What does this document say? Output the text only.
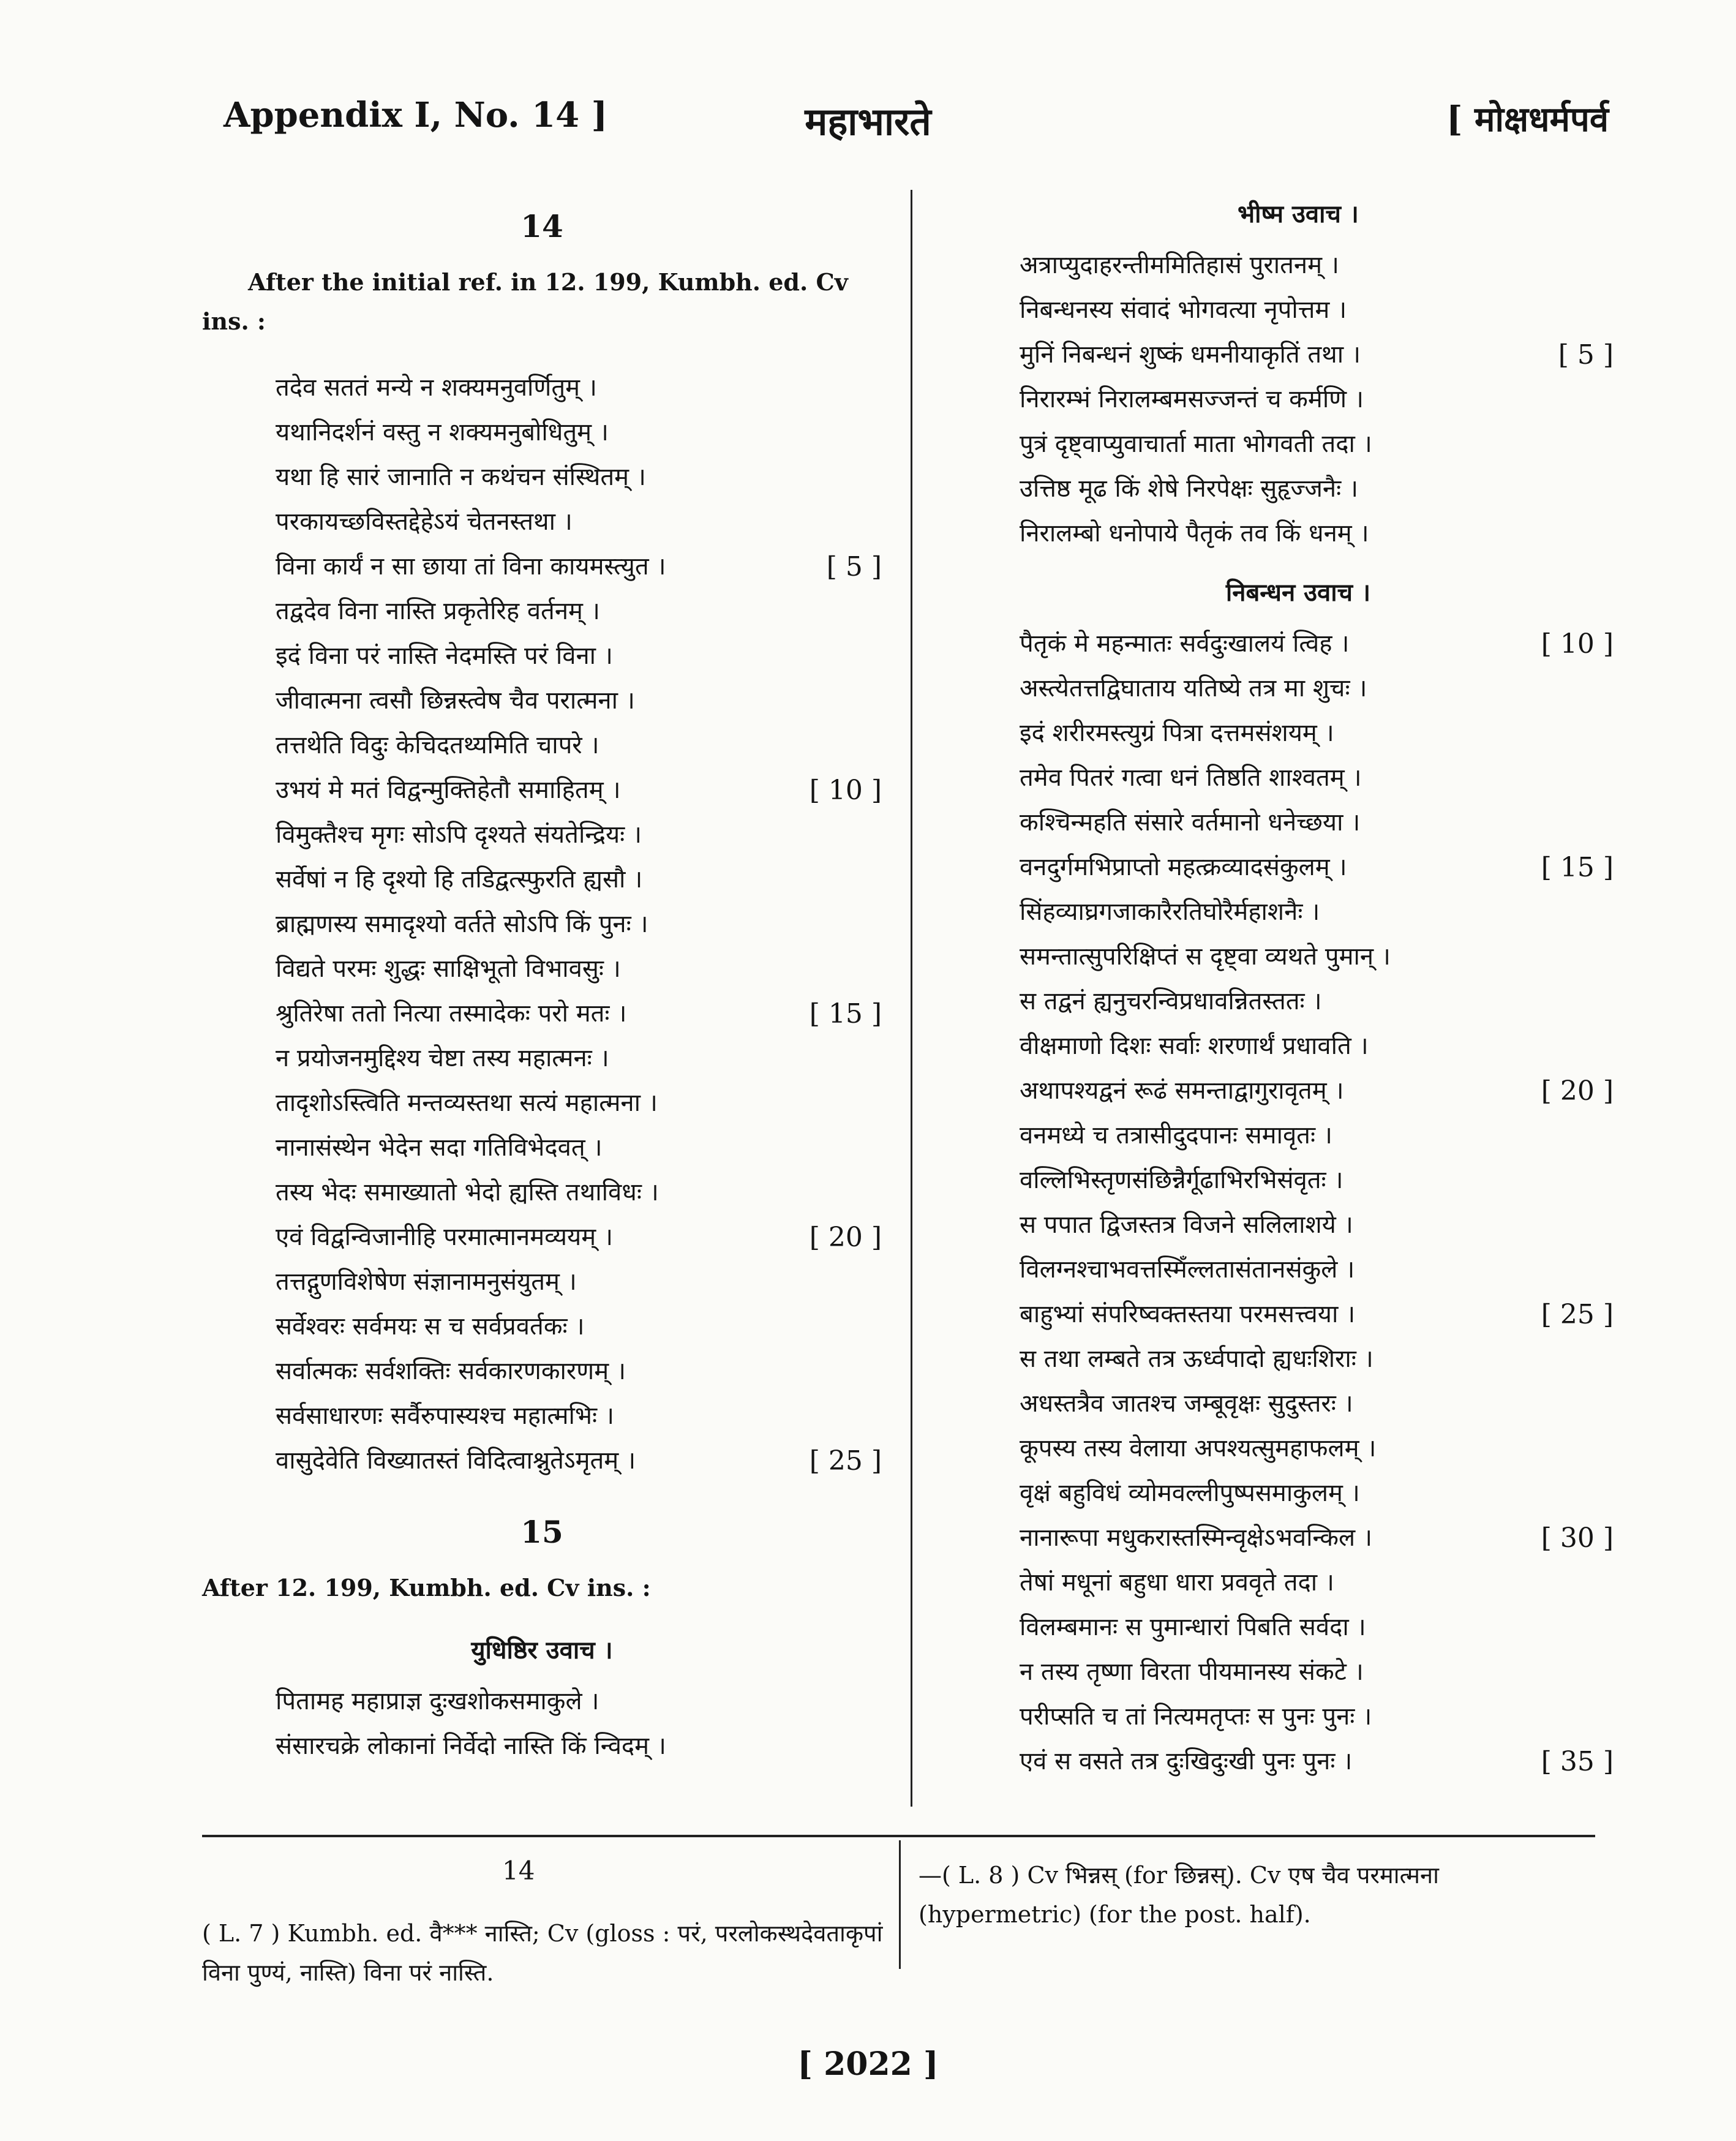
Appendix I, No. 14 ]	महाभारते	[ मोक्षधर्मपर्व
14
After the initial ref. in 12. 199, Kumbh. ed. Cv ins. :
तदेव सततं मन्ये न शक्यमनुवर्णितुम् ।
यथानिदर्शनं वस्तु न शक्यमनुबोधितुम् ।
यथा हि सारं जानाति न कथंचन संस्थितम् ।
परकायच्छविस्तद्देहेऽयं चेतनस्तथा ।
विना कार्यं न सा छाया तां विना कायमस्त्युत ।	[ 5 ]
तद्वदेव विना नास्ति प्रकृतेरिह वर्तनम् ।
इदं विना परं नास्ति नेदमस्ति परं विना ।
जीवात्मना त्वसौ छिन्नस्त्वेष चैव परात्मना ।
तत्तथेति विदुः केचिदतथ्यमिति चापरे ।
उभयं मे मतं विद्वन्मुक्तिहेतौ समाहितम् ।	[ 10 ]
विमुक्तैश्च मृगः सोऽपि दृश्यते संयतेन्द्रियः ।
सर्वेषां न हि दृश्यो हि तडिद्वत्स्फुरति ह्यसौ ।
ब्राह्मणस्य समादृश्यो वर्तते सोऽपि किं पुनः ।
विद्यते परमः शुद्धः साक्षिभूतो विभावसुः ।
श्रुतिरेषा ततो नित्या तस्मादेकः परो मतः ।	[ 15 ]
न प्रयोजनमुद्दिश्य चेष्टा तस्य महात्मनः ।
तादृशोऽस्त्विति मन्तव्यस्तथा सत्यं महात्मना ।
नानासंस्थेन भेदेन सदा गतिविभेदवत् ।
तस्य भेदः समाख्यातो भेदो ह्यस्ति तथाविधः ।
एवं विद्वन्विजानीहि परमात्मानमव्ययम् ।	[ 20 ]
तत्तद्गुणविशेषेण संज्ञानामनुसंयुतम् ।
सर्वेश्वरः सर्वमयः स च सर्वप्रवर्तकः ।
सर्वात्मकः सर्वशक्तिः सर्वकारणकारणम् ।
सर्वसाधारणः सर्वैरुपास्यश्च महात्मभिः ।
वासुदेवेति विख्यातस्तं विदित्वाश्नुतेऽमृतम् ।	[ 25 ]
15
After 12. 199, Kumbh. ed. Cv ins. :
युधिष्ठिर उवाच ।
पितामह महाप्राज्ञ दुःखशोकसमाकुले ।
संसारचक्रे लोकानां निर्वेदो नास्ति किं न्विदम् ।
भीष्म उवाच ।
अत्राप्युदाहरन्तीममितिहासं पुरातनम् ।
निबन्धनस्य संवादं भोगवत्या नृपोत्तम ।
मुनिं निबन्धनं शुष्कं धमनीयाकृतिं तथा ।	[ 5 ]
निरारम्भं निरालम्बमसज्जन्तं च कर्मणि ।
पुत्रं दृष्ट्वाप्युवाचार्ता माता भोगवती तदा ।
उत्तिष्ठ मूढ किं शेषे निरपेक्षः सुहृज्जनैः ।
निरालम्बो धनोपाये पैतृकं तव किं धनम् ।
निबन्धन उवाच ।
पैतृकं मे महन्मातः सर्वदुःखालयं त्विह ।	[ 10 ]
अस्त्येतत्तद्विघाताय यतिष्ये तत्र मा शुचः ।
इदं शरीरमस्त्युग्रं पित्रा दत्तमसंशयम् ।
तमेव पितरं गत्वा धनं तिष्ठति शाश्वतम् ।
कश्चिन्महति संसारे वर्तमानो धनेच्छया ।
वनदुर्गमभिप्राप्तो महत्क्रव्यादसंकुलम् ।	[ 15 ]
सिंहव्याघ्रगजाकारैरतिघोरैर्महाशनैः ।
समन्तात्सुपरिक्षिप्तं स दृष्ट्वा व्यथते पुमान् ।
स तद्वनं ह्यनुचरन्विप्रधावन्नितस्ततः ।
वीक्षमाणो दिशः सर्वाः शरणार्थं प्रधावति ।
अथापश्यद्वनं रूढं समन्ताद्वागुरावृतम् ।	[ 20 ]
वनमध्ये च तत्रासीदुदपानः समावृतः ।
वल्लिभिस्तृणसंछिन्नैर्गूढाभिरभिसंवृतः ।
स पपात द्विजस्तत्र विजने सलिलाशये ।
विलग्नश्चाभवत्तस्मिँल्लतासंतानसंकुले ।
बाहुभ्यां संपरिष्वक्तस्तया परमसत्त्वया ।	[ 25 ]
स तथा लम्बते तत्र ऊर्ध्वपादो ह्यधःशिराः ।
अधस्तत्रैव जातश्च जम्बूवृक्षः सुदुस्तरः ।
कूपस्य तस्य वेलाया अपश्यत्सुमहाफलम् ।
वृक्षं बहुविधं व्योमवल्लीपुष्पसमाकुलम् ।
नानारूपा मधुकरास्तस्मिन्वृक्षेऽभवन्किल ।	[ 30 ]
तेषां मधूनां बहुधा धारा प्रववृते तदा ।
विलम्बमानः स पुमान्धारां पिबति सर्वदा ।
न तस्य तृष्णा विरता पीयमानस्य संकटे ।
परीप्सति च तां नित्यमतृप्तः स पुनः पुनः ।
एवं स वसते तत्र दुःखिदुःखी पुनः पुनः ।	[ 35 ]
14
( L. 7 ) Kumbh. ed. वै*** नास्ति; Cv (gloss : परं, परलोकस्थदेवताकृपां विना पुण्यं, नास्ति) विना परं नास्ति.
—( L. 8 ) Cv भिन्नस् (for छिन्नस्). Cv एष चैव परमात्मना (hypermetric) (for the post. half).
[ 2022 ]
